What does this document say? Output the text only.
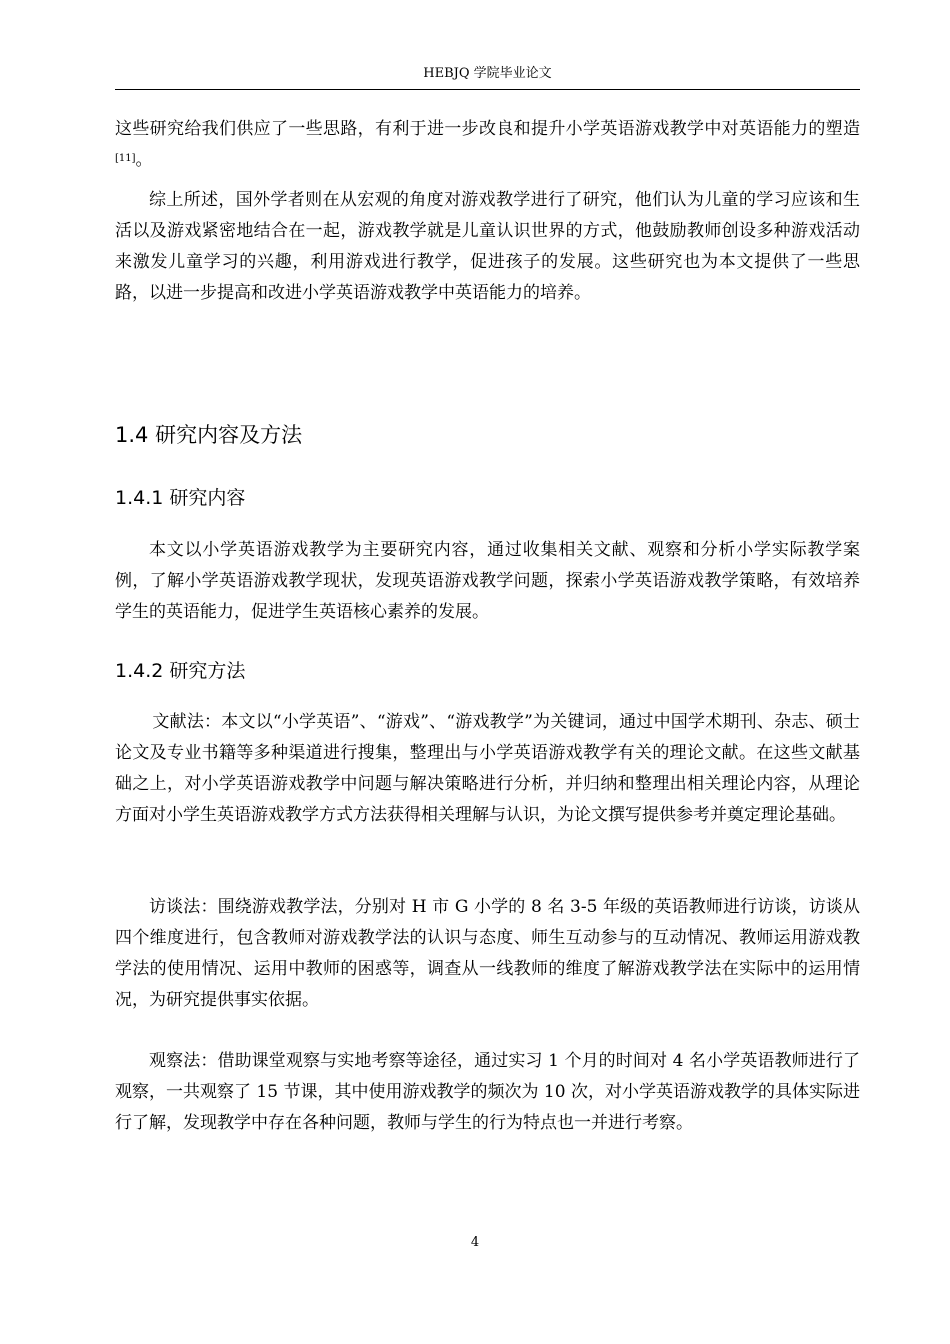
HEBJQ 学院毕业论文

这些研究给我们供应了一些思路，有利于进一步改良和提升小学英语游戏教学中对英语能力的塑造[11]。

综上所述，国外学者则在从宏观的角度对游戏教学进行了研究，他们认为儿童的学习应该和生活以及游戏紧密地结合在一起，游戏教学就是儿童认识世界的方式，他鼓励教师创设多种游戏活动来激发儿童学习的兴趣，利用游戏进行教学，促进孩子的发展。这些研究也为本文提供了一些思路，以进一步提高和改进小学英语游戏教学中英语能力的培养。

1.4 研究内容及方法
1.4.1 研究内容

本文以小学英语游戏教学为主要研究内容，通过收集相关文献、观察和分析小学实际教学案例，了解小学英语游戏教学现状，发现英语游戏教学问题，探索小学英语游戏教学策略，有效培养学生的英语能力，促进学生英语核心素养的发展。

1.4.2 研究方法

文献法：本文以“小学英语”、“游戏”、“游戏教学”为关键词，通过中国学术期刊、杂志、硕士论文及专业书籍等多种渠道进行搜集，整理出与小学英语游戏教学有关的理论文献。在这些文献基础之上，对小学英语游戏教学中问题与解决策略进行分析，并归纳和整理出相关理论内容，从理论方面对小学生英语游戏教学方式方法获得相关理解与认识，为论文撰写提供参考并奠定理论基础。

访谈法：围绕游戏教学法，分别对 H 市 G 小学的 8 名 3-5 年级的英语教师进行访谈，访谈从四个维度进行，包含教师对游戏教学法的认识与态度、师生互动参与的互动情况、教师运用游戏教学法的使用情况、运用中教师的困惑等，调查从一线教师的维度了解游戏教学法在实际中的运用情况，为研究提供事实依据。

观察法：借助课堂观察与实地考察等途径，通过实习 1 个月的时间对 4 名小学英语教师进行了观察，一共观察了 15 节课，其中使用游戏教学的频次为 10 次，对小学英语游戏教学的具体实际进行了解，发现教学中存在各种问题，教师与学生的行为特点也一并进行考察。

4
